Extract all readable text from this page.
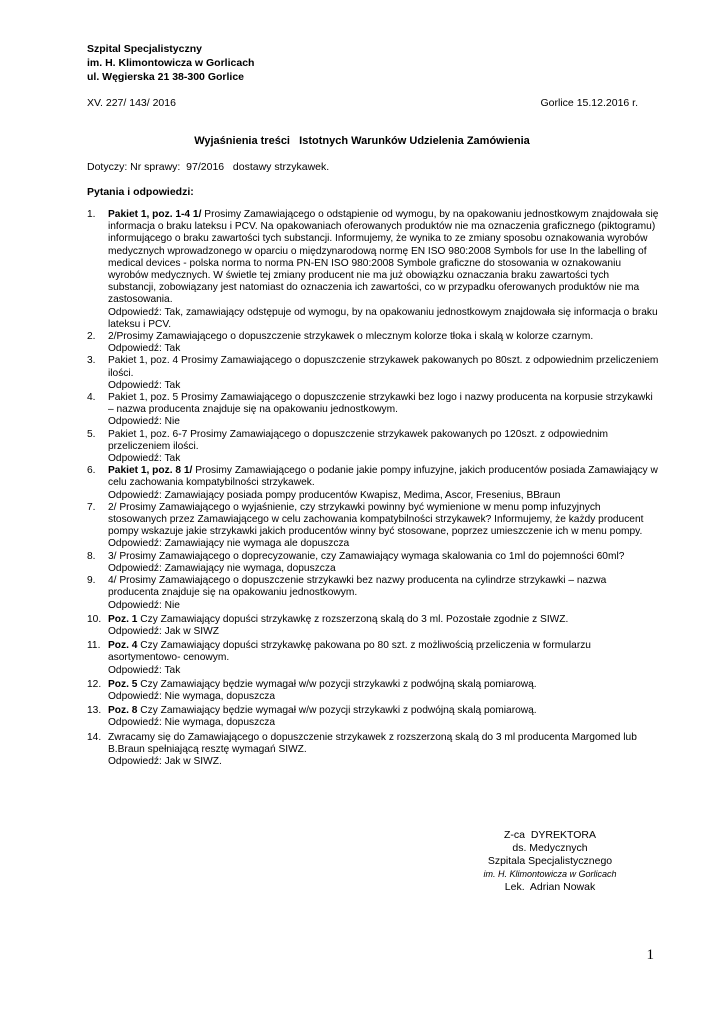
Szpital Specjalistyczny
im. H. Klimontowicza w Gorlicach
ul. Węgierska 21 38-300 Gorlice
XV. 227/ 143/ 2016	Gorlice 15.12.2016 r.
Wyjaśnienia treści   Istotnych Warunków Udzielenia Zamówienia
Dotyczy: Nr sprawy:  97/2016   dostawy strzykawek.
Pytania i odpowiedzi:
1.	Pakiet 1, poz. 1-4 1/ Prosimy Zamawiającego o odstąpienie od wymogu, by na opakowaniu jednostkowym znajdowała się informacja o braku lateksu i PCV. Na opakowaniach oferowanych produktów nie ma oznaczenia graficznego (piktogramu) informującego o braku zawartości tych substancji. Informujemy, że wynika to ze zmiany sposobu oznakowania wyrobów medycznych wprowadzonego w oparciu o międzynarodową normę EN ISO 980:2008 Symbols for use In the labelling of medical devices - polska norma to norma PN-EN ISO 980:2008 Symbole graficzne do stosowania w oznakowaniu wyrobów medycznych. W świetle tej zmiany producent nie ma już obowiązku oznaczania braku zawartości tych substancji, zobowiązany jest natomiast do oznaczenia ich zawartości, co w przypadku oferowanych produktów nie ma zastosowania.

Odpowiedź: Tak, zamawiający odstępuje od wymogu, by na opakowaniu jednostkowym znajdowała się informacja o braku lateksu i PCV.

2.	2/Prosimy Zamawiającego o dopuszczenie strzykawek o mlecznym kolorze tłoka i skalą w kolorze czarnym.

Odpowiedź: Tak

3.	Pakiet 1, poz. 4 Prosimy Zamawiającego o dopuszczenie strzykawek pakowanych po 80szt. z odpowiednim przeliczeniem ilości.

Odpowiedź: Tak

4.	Pakiet 1, poz. 5 Prosimy Zamawiającego o dopuszczenie strzykawki bez logo i nazwy producenta na korpusie strzykawki – nazwa producenta znajduje się na opakowaniu jednostkowym.

Odpowiedź: Nie

5.	Pakiet 1, poz. 6-7 Prosimy Zamawiającego o dopuszczenie strzykawek pakowanych po 120szt. z odpowiednim przeliczeniem ilości.

Odpowiedź: Tak

6.	Pakiet 1, poz. 8 1/ Prosimy Zamawiającego o podanie jakie pompy infuzyjne, jakich producentów posiada Zamawiający w celu zachowania kompatybilności strzykawek.

Odpowiedź: Zamawiający posiada pompy producentów Kwapisz, Medima, Ascor, Fresenius, BBraun

7.	2/ Prosimy Zamawiającego o wyjaśnienie, czy strzykawki powinny być wymienione w menu pomp infuzyjnych stosowanych przez Zamawiającego w celu zachowania kompatybilności strzykawek? Informujemy, że każdy producent pompy wskazuje jakie strzykawki jakich producentów winny być stosowane, poprzez umieszczenie ich w menu pompy.

Odpowiedź: Zamawiający nie wymaga ale dopuszcza

8.	3/ Prosimy Zamawiającego o doprecyzowanie, czy Zamawiający wymaga skalowania co 1ml do pojemności 60ml?

Odpowiedź: Zamawiający nie wymaga, dopuszcza

9.	4/ Prosimy Zamawiającego o dopuszczenie strzykawki bez nazwy producenta na cylindrze strzykawki – nazwa producenta znajduje się na opakowaniu jednostkowym.

Odpowiedź: Nie

10. Poz. 1 Czy Zamawiający dopuści strzykawkę z rozszerzoną skalą do 3 ml. Pozostałe zgodnie z SIWZ.

Odpowiedź: Jak w SIWZ

11. Poz. 4 Czy Zamawiający dopuści strzykawkę pakowana po 80 szt. z możliwością przeliczenia w formularzu asortymentowo- cenowym.

Odpowiedź: Tak

12. Poz. 5 Czy Zamawiający będzie wymagał w/w pozycji strzykawki z podwójną skalą pomiarową.

Odpowiedź: Nie wymaga, dopuszcza

13. Poz. 8 Czy Zamawiający będzie wymagał w/w pozycji strzykawki z podwójną skalą pomiarową.

Odpowiedź: Nie wymaga, dopuszcza

14. Zwracamy się do Zamawiającego o dopuszczenie strzykawek z rozszerzoną skalą do 3 ml producenta Margomed lub B.Braun spełniającą resztę wymagań SIWZ.

Odpowiedź: Jak w SIWZ.

Z-ca  DYREKTORA
ds. Medycznych
Szpitala Specjalistycznego
im. H. Klimontowicza w Gorlicach
Lek.  Adrian Nowak
1
